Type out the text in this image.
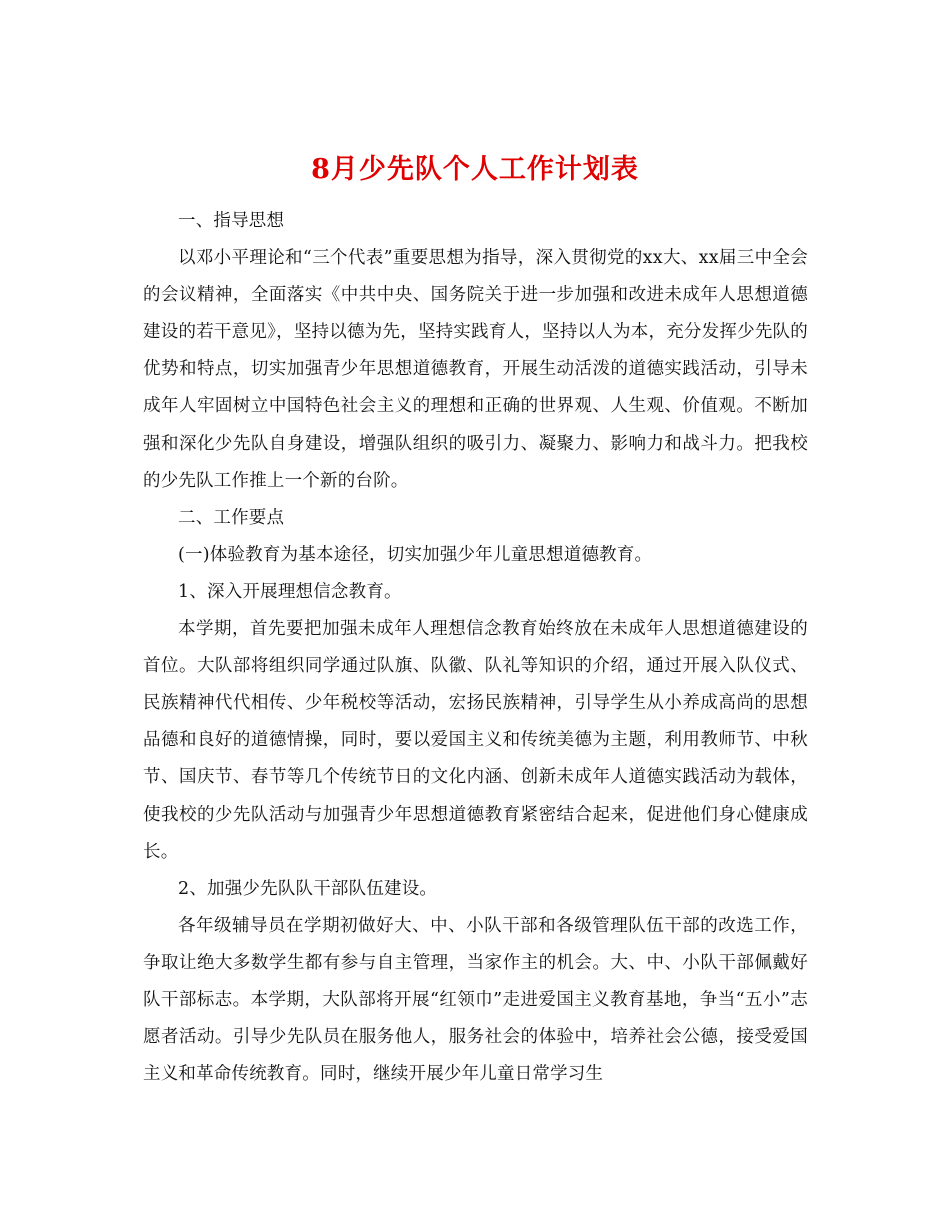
8月少先队个人工作计划表

一、指导思想

以邓小平理论和“三个代表”重要思想为指导，深入贯彻党的xx大、xx届三中全会的会议精神，全面落实《中共中央、国务院关于进一步加强和改进未成年人思想道德建设的若干意见》，坚持以德为先，坚持实践育人，坚持以人为本，充分发挥少先队的优势和特点，切实加强青少年思想道德教育，开展生动活泼的道德实践活动，引导未成年人牢固树立中国特色社会主义的理想和正确的世界观、人生观、价值观。不断加强和深化少先队自身建设，增强队组织的吸引力、凝聚力、影响力和战斗力。把我校的少先队工作推上一个新的台阶。

二、工作要点

(一)体验教育为基本途径，切实加强少年儿童思想道德教育。

1、深入开展理想信念教育。

本学期，首先要把加强未成年人理想信念教育始终放在未成年人思想道德建设的首位。大队部将组织同学通过队旗、队徽、队礼等知识的介绍，通过开展入队仪式、民族精神代代相传、少年税校等活动，宏扬民族精神，引导学生从小养成高尚的思想品德和良好的道德情操，同时，要以爱国主义和传统美德为主题，利用教师节、中秋节、国庆节、春节等几个传统节日的文化内涵、创新未成年人道德实践活动为载体，使我校的少先队活动与加强青少年思想道德教育紧密结合起来，促进他们身心健康成长。

2、加强少先队队干部队伍建设。

各年级辅导员在学期初做好大、中、小队干部和各级管理队伍干部的改选工作，争取让绝大多数学生都有参与自主管理，当家作主的机会。大、中、小队干部佩戴好队干部标志。本学期，大队部将开展“红领巾”走进爱国主义教育基地，争当“五小”志愿者活动。引导少先队员在服务他人，服务社会的体验中，培养社会公德，接受爱国主义和革命传统教育。同时，继续开展少年儿童日常学习生
